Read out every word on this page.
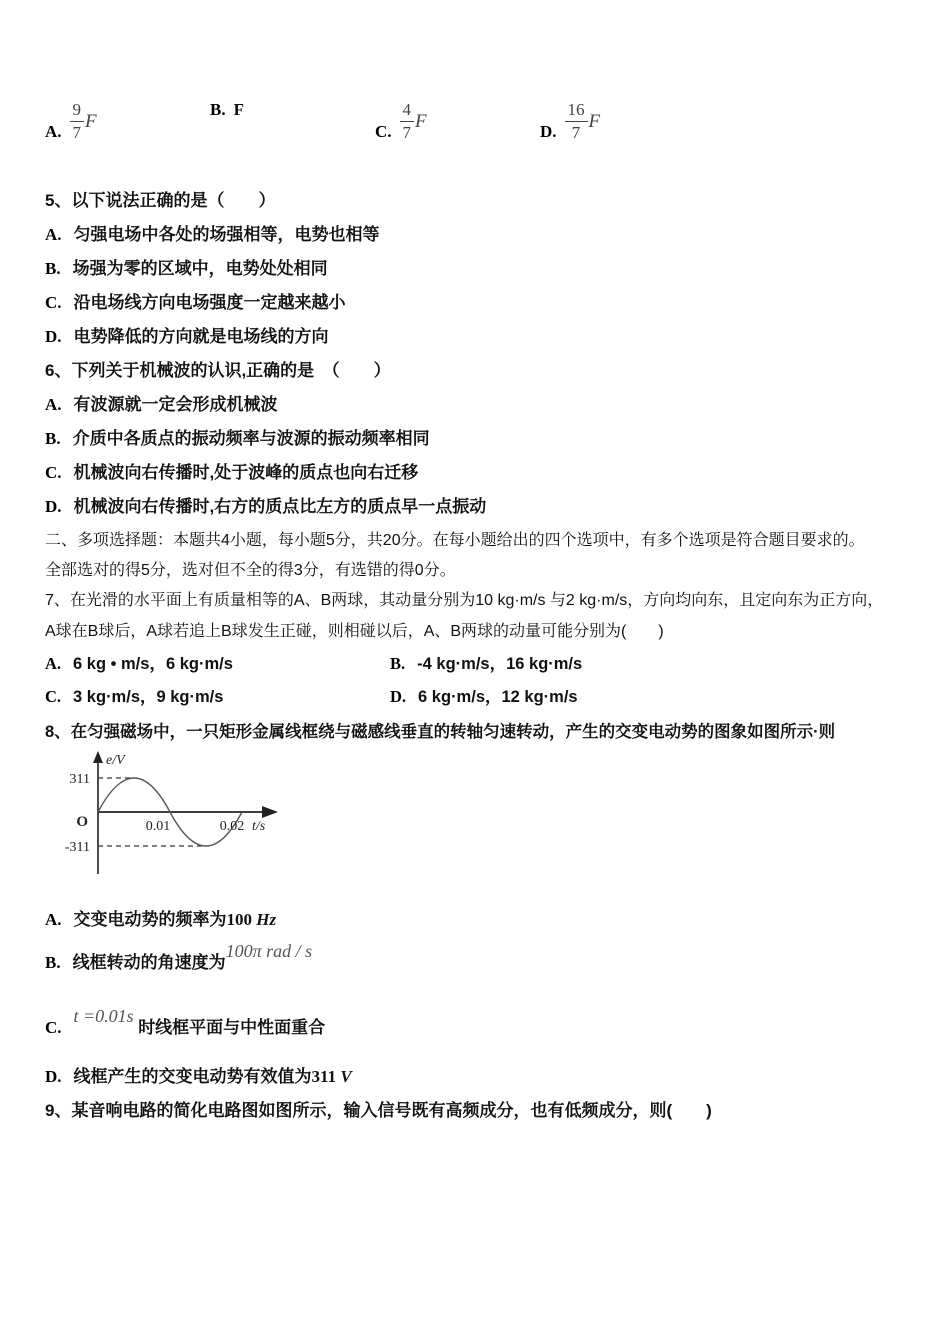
A. $\frac{9}{7}$ F
B. F
C. $\frac{4}{7}$ F	D. $\frac{16}{7}$ F
5、以下说法正确的是（　　）
A. 匀强电场中各处的场强相等，电势也相等
B. 场强为零的区域中，电势处处相同
C. 沿电场线方向电场强度一定越来越小
D. 电势降低的方向就是电场线的方向
6、下列关于机械波的认识,正确的是　（　　）
A. 有波源就一定会形成机械波
B. 介质中各质点的振动频率与波源的振动频率相同
C. 机械波向右传播时,处于波峰的质点也向右迁移
D. 机械波向右传播时,右方的质点比左方的质点早一点振动
二、多项选择题：本题共4小题，每小题5分，共20分。在每小题给出的四个选项中，有多个选项是符合题目要求的。
全部选对的得5分，选对但不全的得3分，有选错的得0分。
7、在光滑的水平面上有质量相等的A、B两球，其动量分别为10 kg·m/s 与2 kg·m/s，方向均向东，且定向东为正方向，
A球在B球后，A球若追上B球发生正碰，则相碰以后，A、B两球的动量可能分别为(　　)
A. 6 kg • m/s，6 kg·m/s	B. -4 kg·m/s，16 kg·m/s
C. 3 kg·m/s，9 kg·m/s	D. 6 kg·m/s，12 kg·m/s
8、在匀强磁场中，一只矩形金属线框绕与磁感线垂直的转轴匀速转动，产生的交变电动势的图象如图所示·则
e/V
311
O
-311
0.01	0.02 t/s
A. 交变电动势的频率为100 Hz
B. 线框转动的角速度为100π rad / s
C.t =0.01s 时线框平面与中性面重合
D. 线框产生的交变电动势有效值为311 V
9、某音响电路的简化电路图如图所示，输入信号既有高频成分，也有低频成分，则(　　)
